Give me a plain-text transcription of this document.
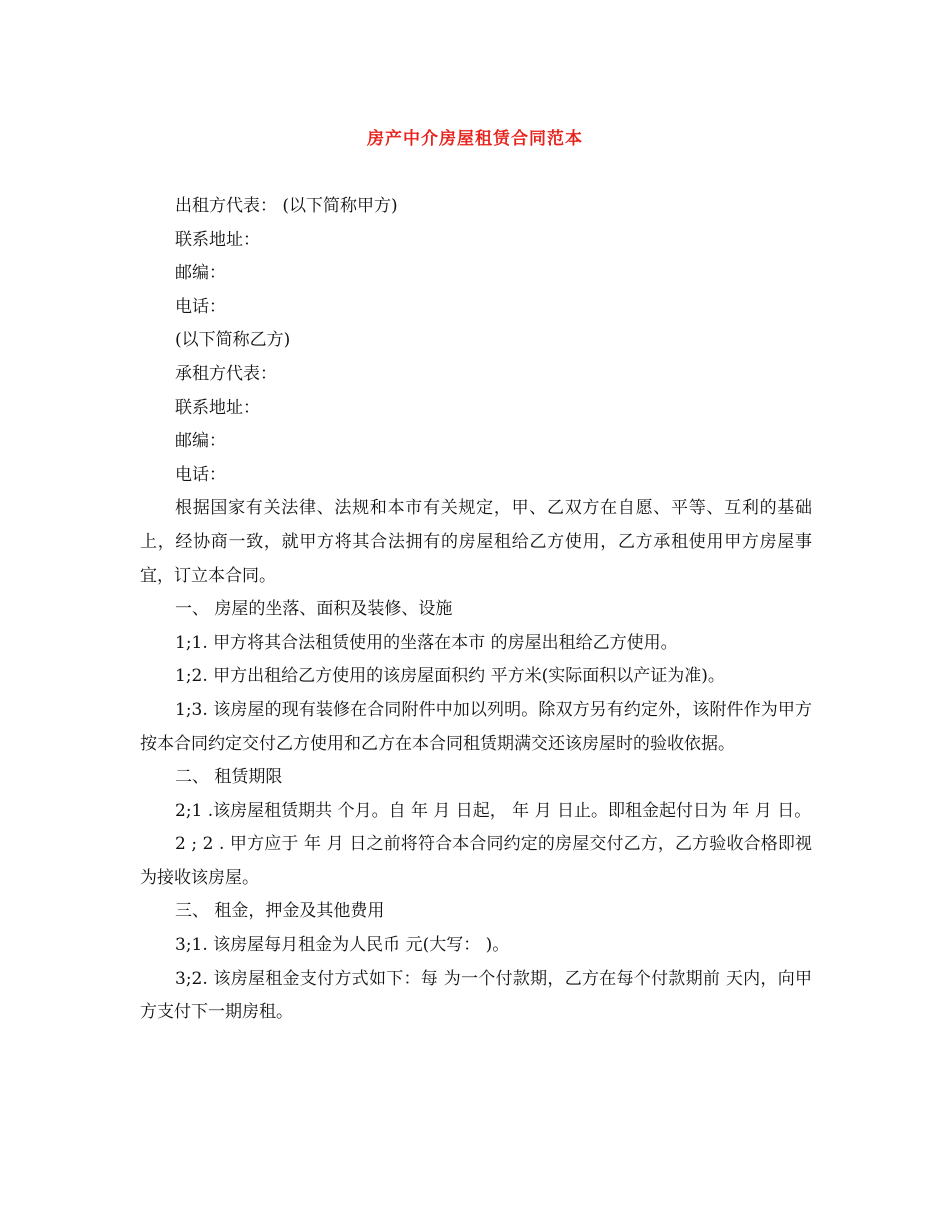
房产中介房屋租赁合同范本
出租方代表： (以下简称甲方)
联系地址：
邮编：
电话：
(以下简称乙方)
承租方代表：
联系地址：
邮编：
电话：
根据国家有关法律、法规和本市有关规定，甲、乙双方在自愿、平等、互利的基础上，经协商一致，就甲方将其合法拥有的房屋租给乙方使用，乙方承租使用甲方房屋事宜，订立本合同。
一、 房屋的坐落、面积及装修、设施
1;1. 甲方将其合法租赁使用的坐落在本市 的房屋出租给乙方使用。
1;2. 甲方出租给乙方使用的该房屋面积约 平方米(实际面积以产证为准)。
1;3. 该房屋的现有装修在合同附件中加以列明。除双方另有约定外，该附件作为甲方按本合同约定交付乙方使用和乙方在本合同租赁期满交还该房屋时的验收依据。
二、 租赁期限
2;1 .该房屋租赁期共 个月。自 年 月 日起， 年 月 日止。即租金起付日为 年 月 日。
2 ; 2 . 甲方应于 年 月 日之前将符合本合同约定的房屋交付乙方，乙方验收合格即视为接收该房屋。
三、 租金，押金及其他费用
3;1. 该房屋每月租金为人民币 元(大写： )。
3;2. 该房屋租金支付方式如下：每 为一个付款期，乙方在每个付款期前 天内，向甲方支付下一期房租。
